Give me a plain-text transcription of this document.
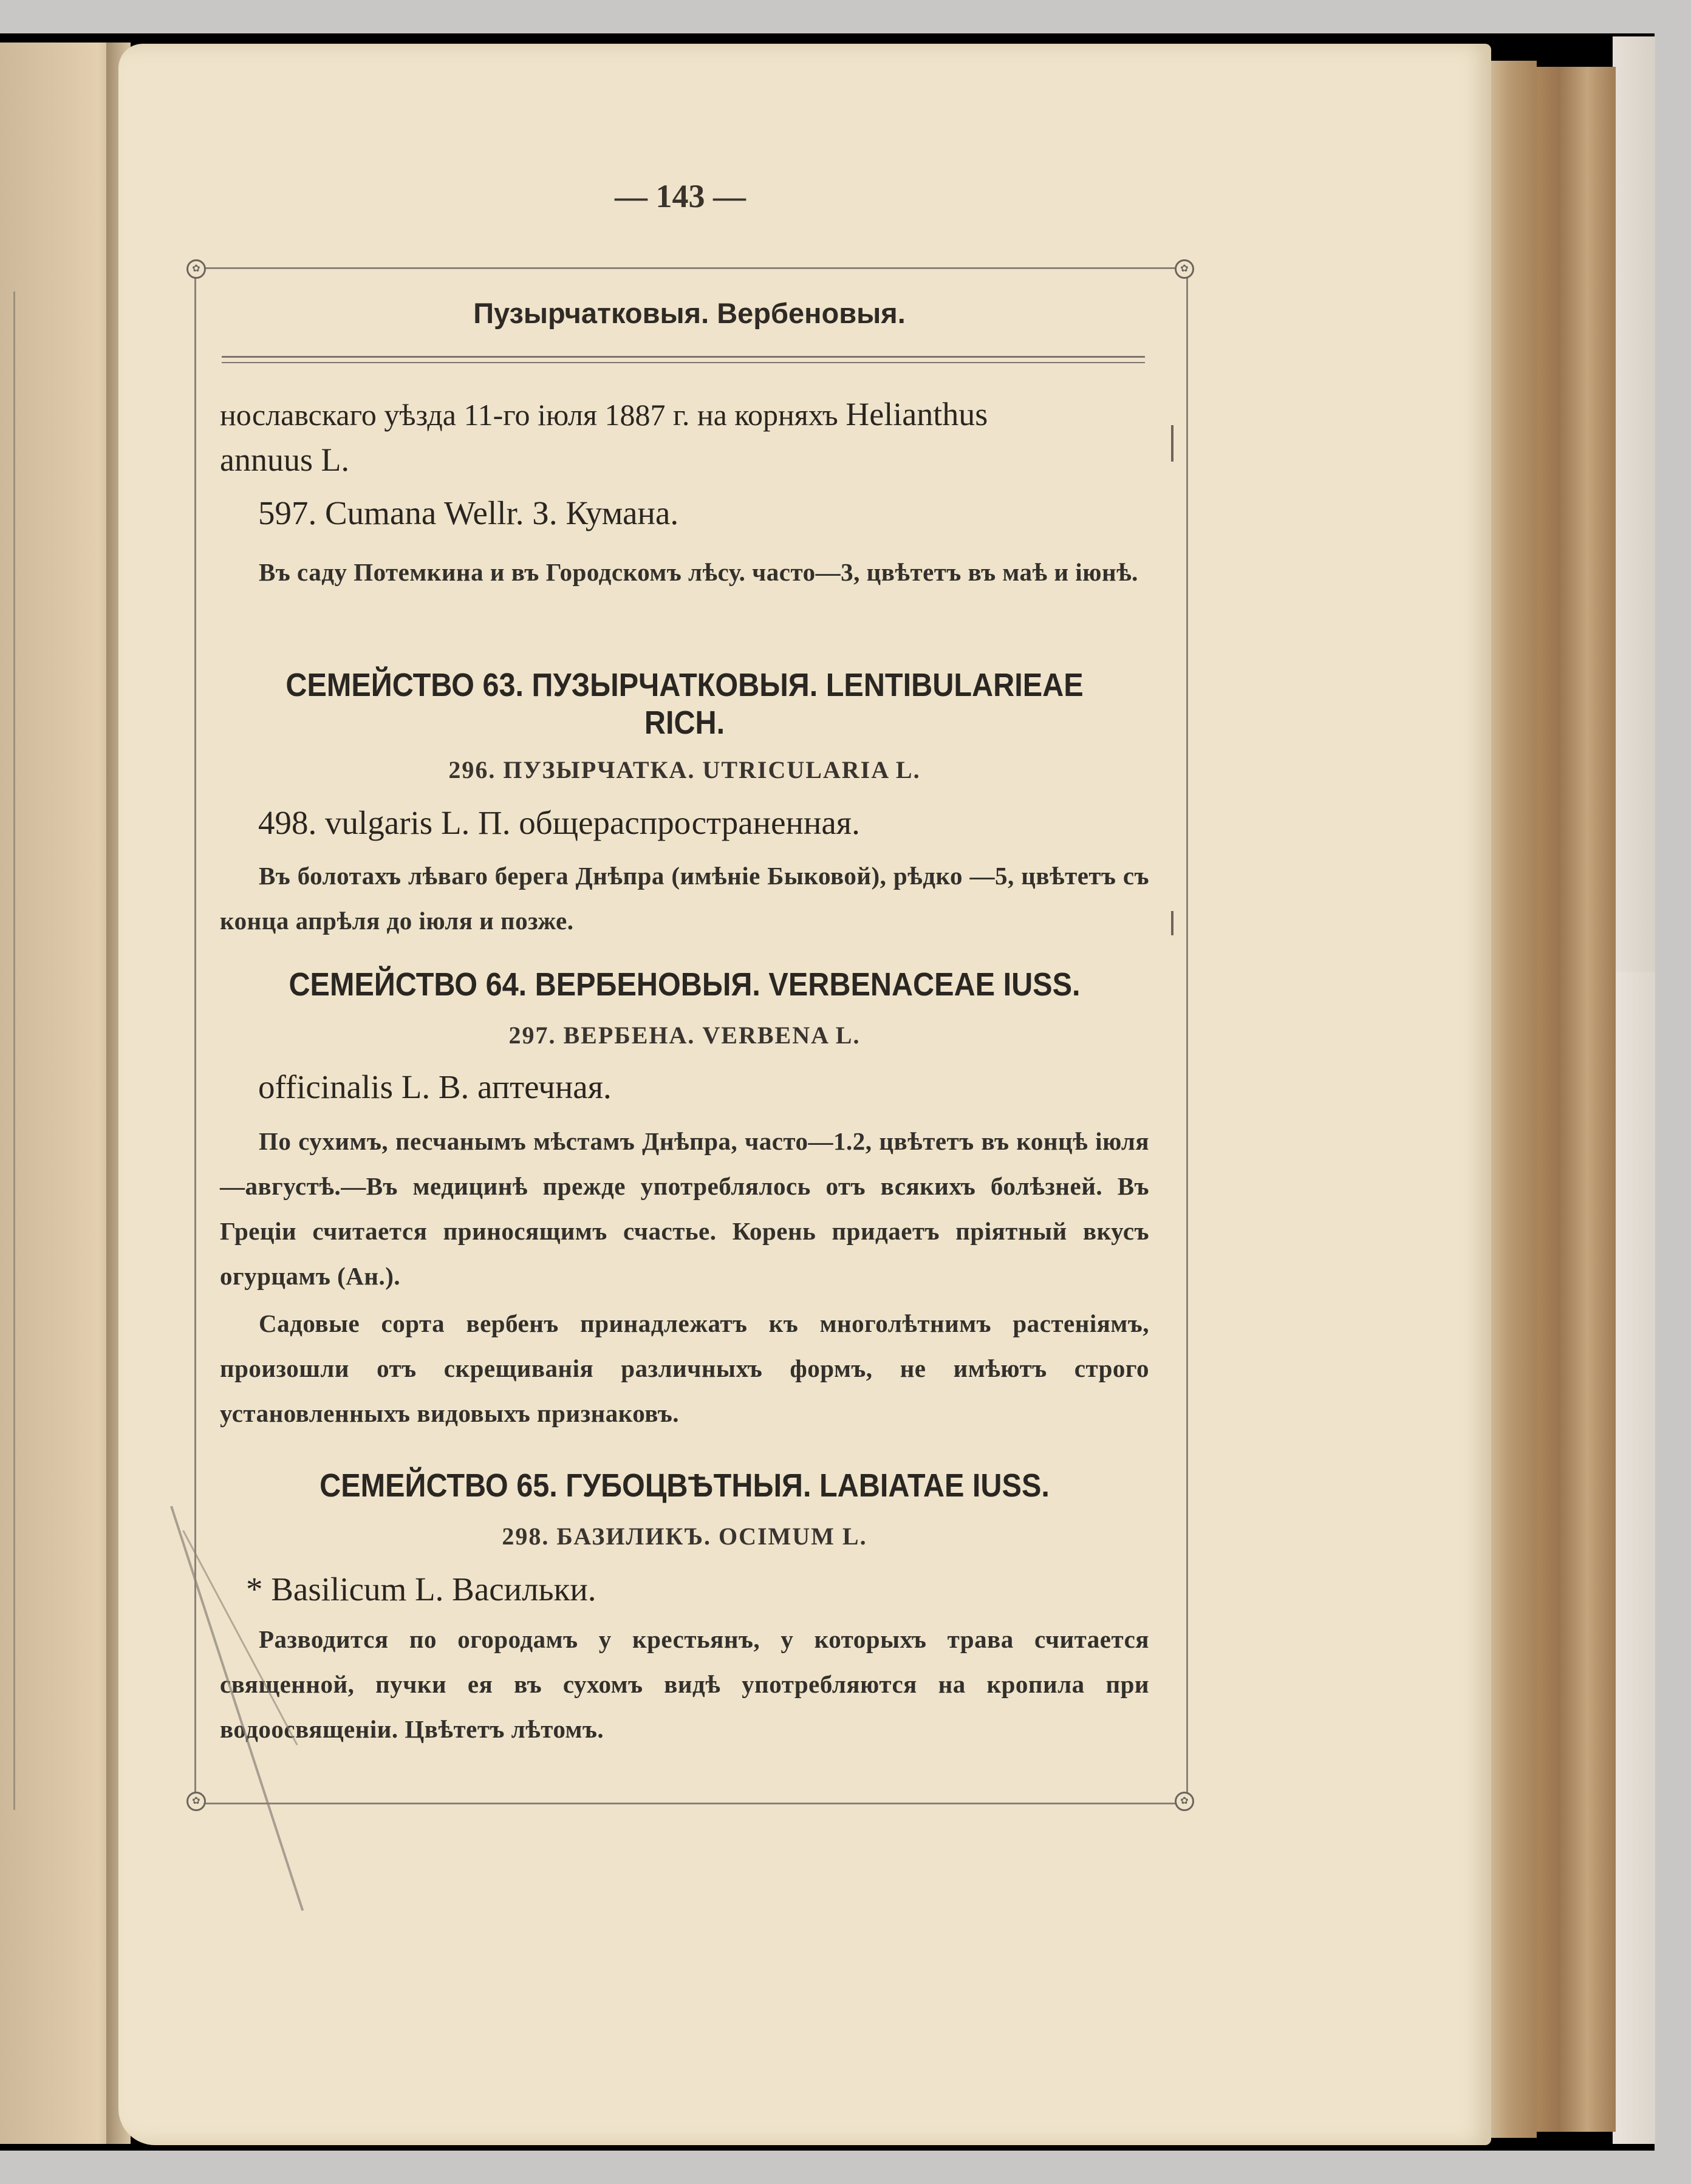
— 143 —
✿	✿
✿	✿
Пузырчатковыя. Вербеновыя.

нославскаго уѣзда 11-го іюля 1887 г. на корняхъ Helianthus
annuus L.

597. Cumana Wellr. З. Кумана.

Въ саду Потемкина и въ Городскомъ лѣсу. часто—3, цвѣтетъ въ маѣ и іюнѣ.

СЕМЕЙСТВО 63. ПУЗЫРЧАТКОВЫЯ. LENTIBULARIEAE RICH.

296. ПУЗЫРЧАТКА. UTRICULARIA L.

498. vulgaris L. П. общераспространенная.

Въ болотахъ лѣваго берега Днѣпра (имѣніе Быковой), рѣдко —5, цвѣтетъ съ конца апрѣля до іюля и позже.

СЕМЕЙСТВО 64. ВЕРБЕНОВЫЯ. VERBENACEAE IUSS.

297. ВЕРБЕНА. VERBENA L.

officinalis L. В. аптечная.

По сухимъ, песчанымъ мѣстамъ Днѣпра, часто—1.2, цвѣтетъ въ концѣ іюля—августѣ.—Въ медицинѣ прежде употреблялось отъ всякихъ болѣзней. Въ Греціи считается приносящимъ счастье. Корень придаетъ пріятный вкусъ огурцамъ (Ан.).

Садовые сорта вербенъ принадлежатъ къ многолѣтнимъ растеніямъ, произошли отъ скрещиванія различныхъ формъ, не имѣютъ строго установленныхъ видовыхъ признаковъ.

СЕМЕЙСТВО 65. ГУБОЦВѢТНЫЯ. LABIATAE IUSS.

298. БАЗИЛИКЪ. OCIMUM L.

* Basilicum L. Васильки.

Разводится по огородамъ у крестьянъ, у которыхъ трава считается священной, пучки ея въ сухомъ видѣ употребляются на кропила при водоосвященіи. Цвѣтетъ лѣтомъ.
